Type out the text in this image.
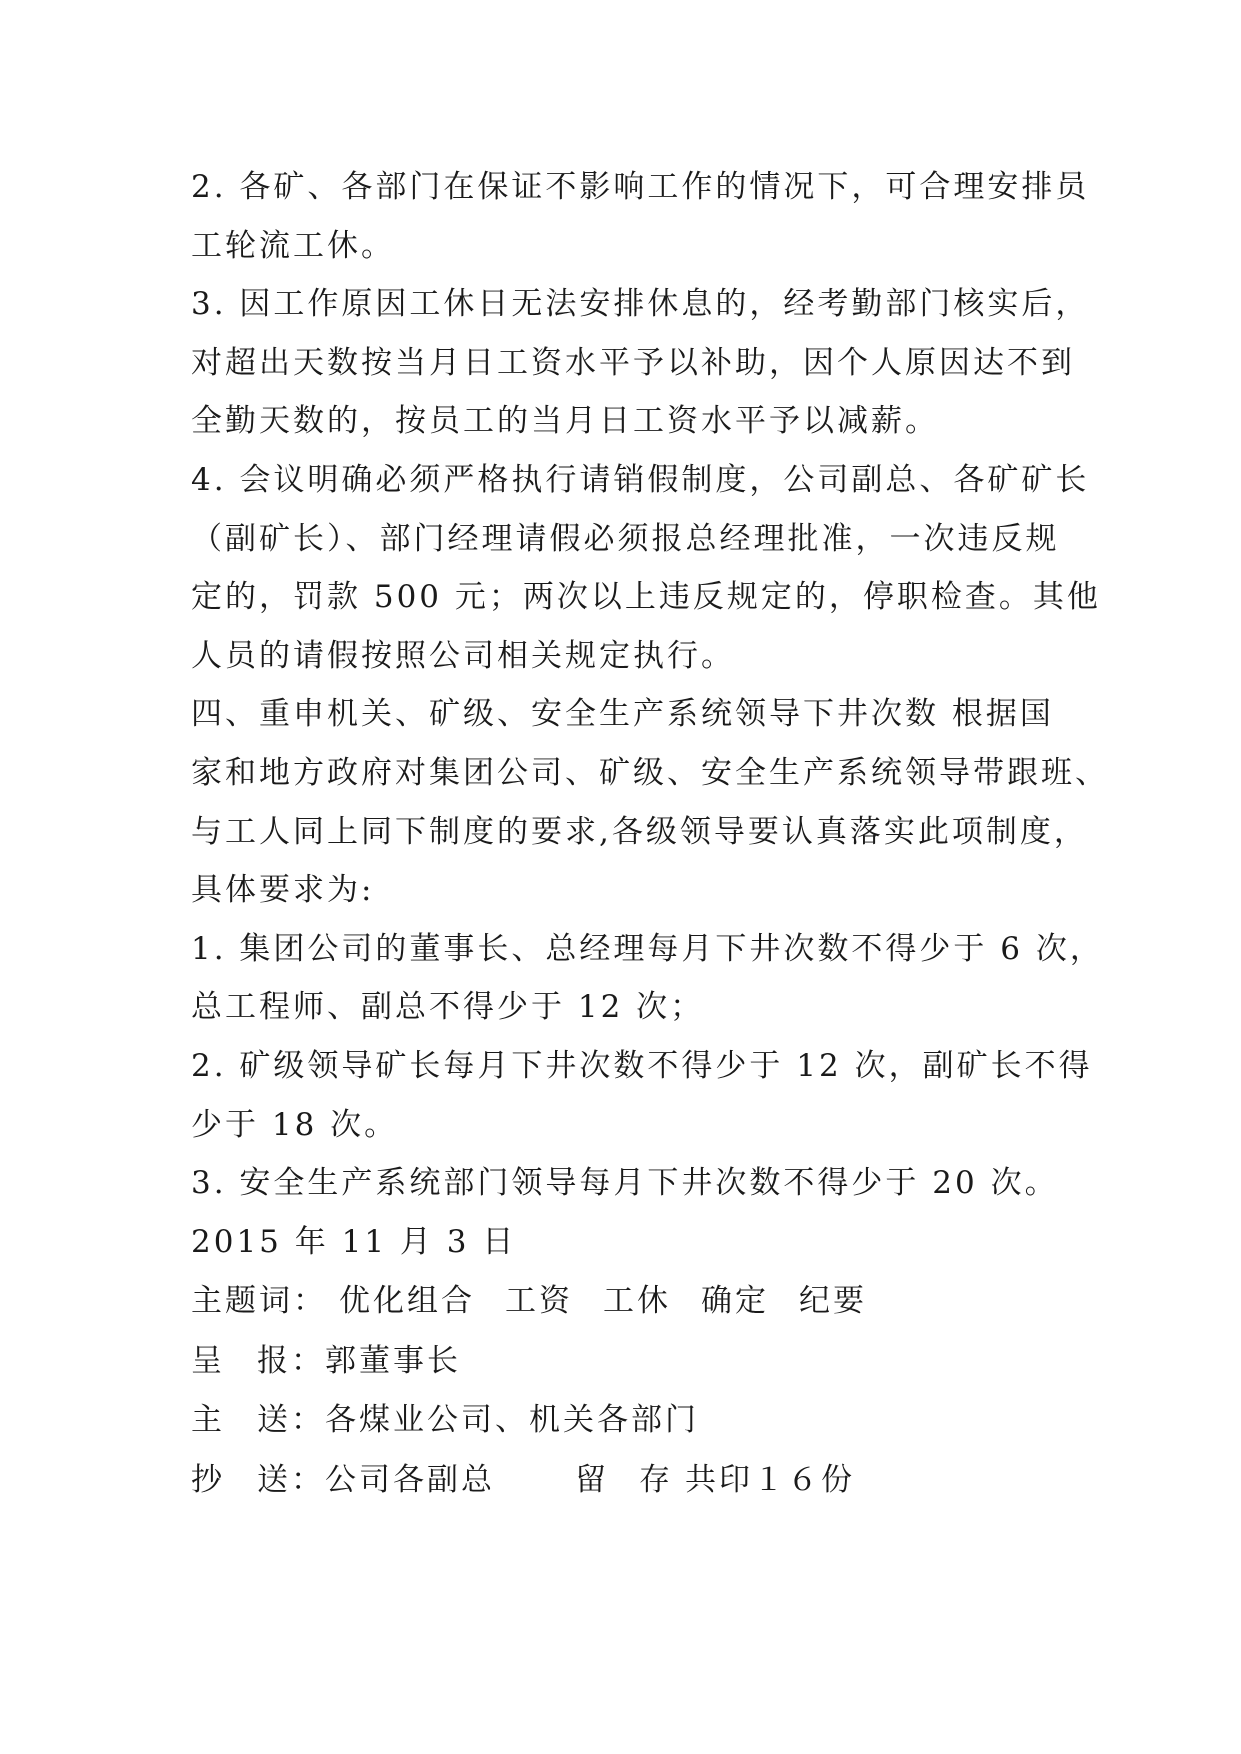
2. 各矿、各部门在保证不影响工作的情况下，可合理安排员
工轮流工休。
3. 因工作原因工休日无法安排休息的，经考勤部门核实后，
对超出天数按当月日工资水平予以补助，因个人原因达不到
全勤天数的，按员工的当月日工资水平予以减薪。
4. 会议明确必须严格执行请销假制度，公司副总、各矿矿长
（副矿长）、部门经理请假必须报总经理批准，一次违反规
定的，罚款 500 元；两次以上违反规定的，停职检查。其他
人员的请假按照公司相关规定执行。
四、重申机关、矿级、安全生产系统领导下井次数 根据国
家和地方政府对集团公司、矿级、安全生产系统领导带跟班、
与工人同上同下制度的要求,各级领导要认真落实此项制度，
具体要求为:
1. 集团公司的董事长、总经理每月下井次数不得少于 6 次，
总工程师、副总不得少于 12 次；
2. 矿级领导矿长每月下井次数不得少于 12 次，副矿长不得
少于 18 次。
3. 安全生产系统部门领导每月下井次数不得少于 20 次。
2015 年 11 月 3 日
主题词： 优化组合 工资 工休 确定 纪要
呈 报：郭董事长
主 送：各煤业公司、机关各部门
抄 送：公司各副总	留 存 共印１６份
